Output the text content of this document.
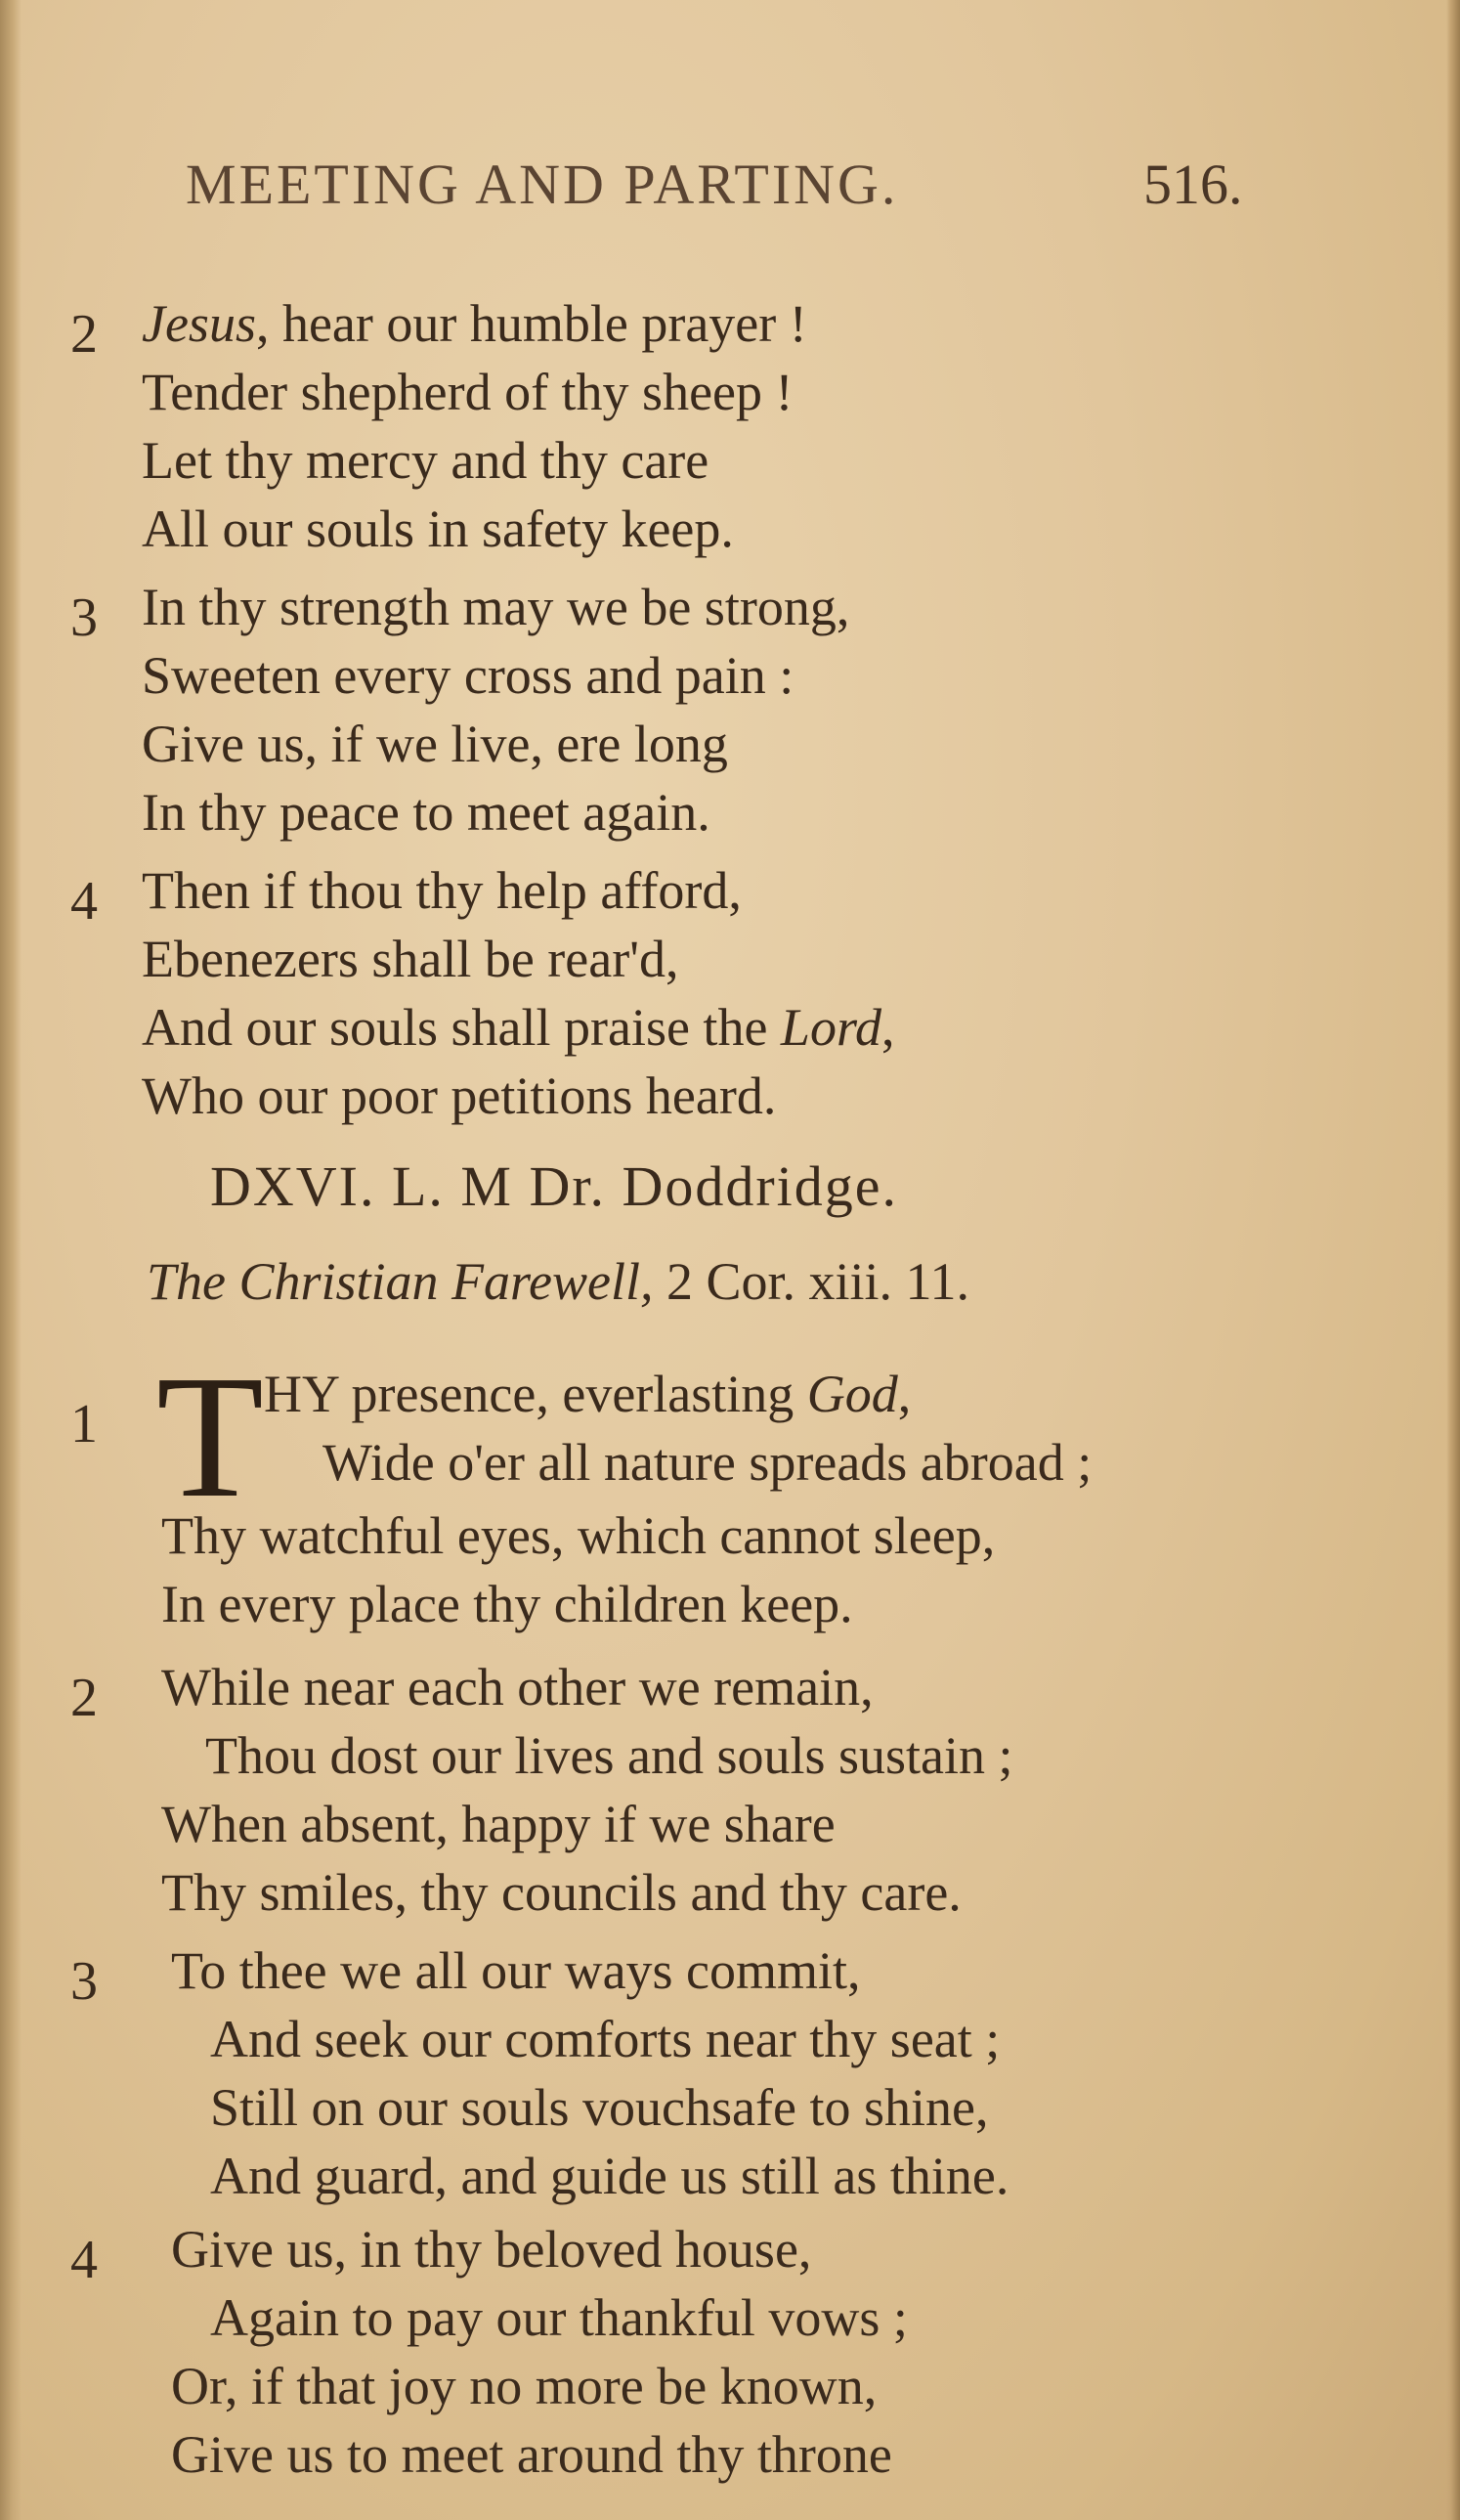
MEETING AND PARTING.	516.
2 Jesus, hear our humble prayer !
Tender shepherd of thy sheep !
Let thy mercy and thy care
All our souls in safety keep.
3 In thy strength may we be strong,
Sweeten every cross and pain :
Give us, if we live, ere long
In thy peace to meet again.
4 Then if thou thy help afford,
Ebenezers shall be rear'd,
And our souls shall praise the Lord,
Who our poor petitions heard.
DXVI. L. M Dr. Doddridge.
The Christian Farewell, 2 Cor. xiii. 11.
1	HY presence, everlasting God,
Wide o'er all nature spreads abroad ;
Thy watchful eyes, which cannot sleep,
In every place thy children keep.
T
2 While near each other we remain,
Thou dost our lives and souls sustain ;
When absent, happy if we share
Thy smiles, thy councils and thy care.
3 To thee we all our ways commit,
And seek our comforts near thy seat ;
Still on our souls vouchsafe to shine,
And guard, and guide us still as thine.
4 Give us, in thy beloved house,
Again to pay our thankful vows ;
Or, if that joy no more be known,
Give us to meet around thy throne
